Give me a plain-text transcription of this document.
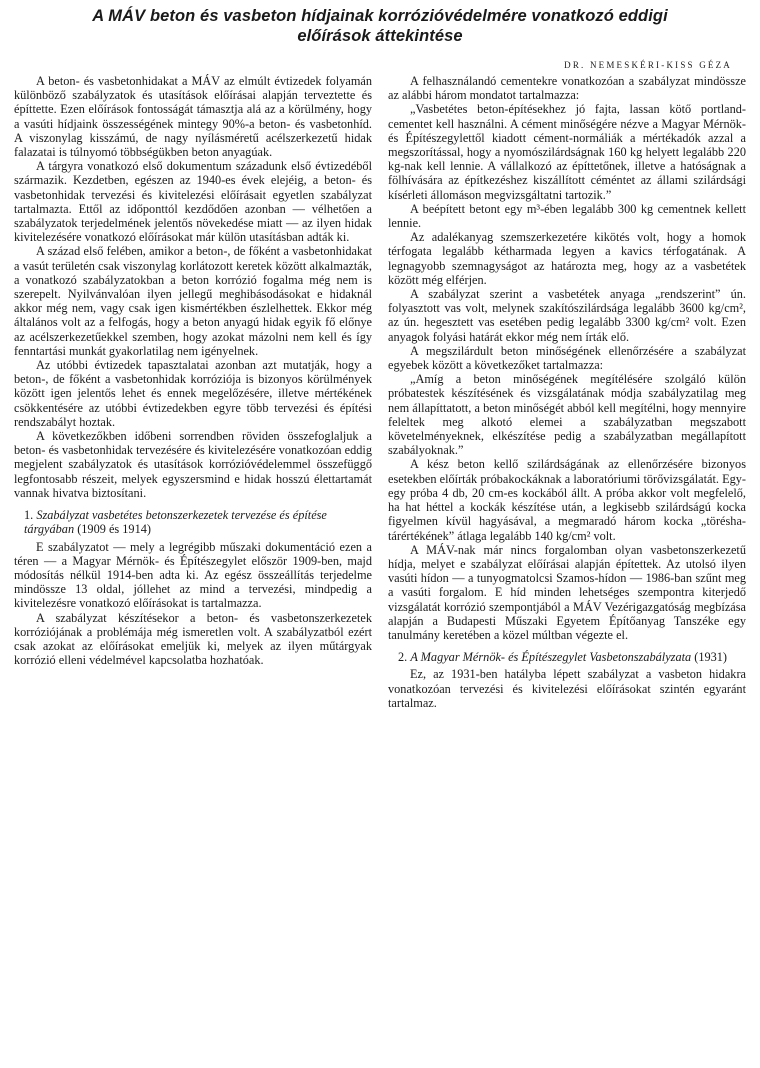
A MÁV beton és vasbeton hídjainak korrózióvédelmére vonatkozó eddigi
előírások áttekintése
DR. NEMESKÉRI-KISS GÉZA

A beton- és vasbetonhidakat a MÁV az elmúlt évtizedek folyamán különböző szabályzatok és utasítások előírásai alapján terveztette és építtette. Ezen előírások fontosságát támasztja alá az a körülmény, hogy a vasúti hídjaink összességének mintegy 90%-a beton- és vasbetonhíd. A viszonylag kisszámú, de nagy nyílásméretű acélszerkezetű hidak falazatai is túlnyomó többségükben beton anyagúak.

A tárgyra vonatkozó első dokumentum századunk első évtizedéből származik. Kezdetben, egészen az 1940-es évek elejéig, a beton- és vasbetonhidak tervezési és kivitelezési előírásait egyetlen szabályzat tartalmazta. Ettől az időponttól kezdődően azonban — vélhetően a szabályzatok terjedelmének jelentős növekedése miatt — az ilyen hidak kivitelezésére vonatkozó előírásokat már külön utasításban adták ki.

A század első felében, amikor a beton-, de főként a vasbetonhidakat a vasút területén csak viszonylag korlátozott keretek között alkalmazták, a vonatkozó szabályzatokban a beton korrózió fogalma még nem is szerepelt. Nyilvánvalóan ilyen jellegű meghibásodásokat e hidaknál akkor még nem, vagy csak igen kismértékben észlelhettek. Ekkor még általános volt az a felfogás, hogy a beton anyagú hidak egyik fő előnye az acélszerkezetűekkel szemben, hogy azokat mázolni nem kell és így fenntartási munkát gyakorlatilag nem igényelnek.

Az utóbbi évtizedek tapasztalatai azonban azt mutatják, hogy a beton-, de főként a vasbetonhidak korróziója is bizonyos körülmények között igen jelentős lehet és ennek megelőzésére, illetve mértékének csökkentésére az utóbbi évtizedekben egyre több tervezési és építési rendszabályt hoztak.

A következőkben időbeni sorrendben röviden összefoglaljuk a beton- és vasbetonhidak tervezésére és kivitelezésére vonatkozóan eddig megjelent szabályzatok és utasítások korrózióvédelemmel összefüggő legfontosabb részeit, melyek egyszersmind e hidak hosszú élettartamát vannak hivatva biztosítani.

1. Szabályzat vasbetétes betonszerkezetek tervezése és építése tárgyában (1909 és 1914)

E szabályzatot — mely a legrégibb műszaki dokumentáció ezen a téren — a Magyar Mérnök- és Építészegylet először 1909-ben, majd módosítás nélkül 1914-ben adta ki. Az egész összeállítás terjedelme mindössze 13 oldal, jóllehet az mind a tervezési, mindpedig a kivitelezésre vonatkozó előírásokat is tartalmazza.

A szabályzat készítésekor a beton- és vasbetonszerkezetek korróziójának a problémája még ismeretlen volt. A szabályzatból ezért csak azokat az előírásokat emeljük ki, melyek az ilyen műtárgyak korrózió elleni védelmével kapcsolatba hozhatóak.

A felhasználandó cementekre vonatkozóan a szabályzat mindössze az alábbi három mondatot tartalmazza:

„Vasbetétes beton-építésekhez jó fajta, lassan kötő portland-cementet kell használni. A cément minőségére nézve a Magyar Mérnök- és Építészegylettől kiadott cément-normáliák a mértékadók azzal a megszorítással, hogy a nyomószilárdságnak 160 kg helyett legalább 220 kg-nak kell lennie. A vállalkozó az építtetőnek, illetve a hatóságnak a fölhívására az építkezéshez kiszállított céméntet az állami szilárdsági kísérleti állomáson megvizsgáltatni tartozik.”

A beépített betont egy m³-ében legalább 300 kg cementnek kellett lennie.

Az adalékanyag szemszerkezetére kikötés volt, hogy a homok térfogata legalább kétharmada legyen a kavics térfogatának. A legnagyobb szemnagyságot az határozta meg, hogy az a vasbetétek között még elférjen.

A szabályzat szerint a vasbetétek anyaga „rendszerint” ún. folyasztott vas volt, melynek szakítószilárdsága legalább 3600 kg/cm², az ún. hegesztett vas esetében pedig legalább 3300 kg/cm² volt. Ezen anyagok folyási határát ekkor még nem írták elő.

A megszilárdult beton minőségének ellenőrzésére a szabályzat egyebek között a következőket tartalmazza:

„Amíg a beton minőségének megítélésére szolgáló külön próbatestek készítésének és vizsgálatának módja szabályzatilag meg nem állapíttatott, a beton minőségét abból kell megítélni, hogy mennyire feleltek meg alkotó elemei a szabályzatban megszabott követelményeknek, elkészítése pedig a szabályzatban megállapított szabályoknak.”

A kész beton kellő szilárdságának az ellenőrzésére bizonyos esetekben előírták próbakockáknak a laboratóriumi törővizsgálatát. Egy-egy próba 4 db, 20 cm-es kockából állt. A próba akkor volt megfelelő, ha hat héttel a kockák készítése után, a legkisebb szilárdságú kocka figyelmen kívül hagyásával, a megmaradó három kocka „törésha-tárértékének” átlaga legalább 140 kg/cm² volt.

A MÁV-nak már nincs forgalomban olyan vasbetonszerkezetű hídja, melyet e szabályzat előírásai alapján építettek. Az utolsó ilyen vasúti hídon — a tunyogmatolcsi Szamos-hídon — 1986-ban szűnt meg a vasúti forgalom. E híd minden lehetséges szempontra kiterjedő vizsgálatát korrózió szempontjából a MÁV Vezérigazgatóság megbízása alapján a Budapesti Műszaki Egyetem Építőanyag Tanszéke egy tanulmány keretében a közel múltban végezte el.

2. A Magyar Mérnök- és Építészegylet Vasbetonszabályzata (1931)

Ez, az 1931-ben hatályba lépett szabályzat a vasbeton hidakra vonatkozóan tervezési és kivitelezési előírásokat szintén egyaránt tartalmaz.
